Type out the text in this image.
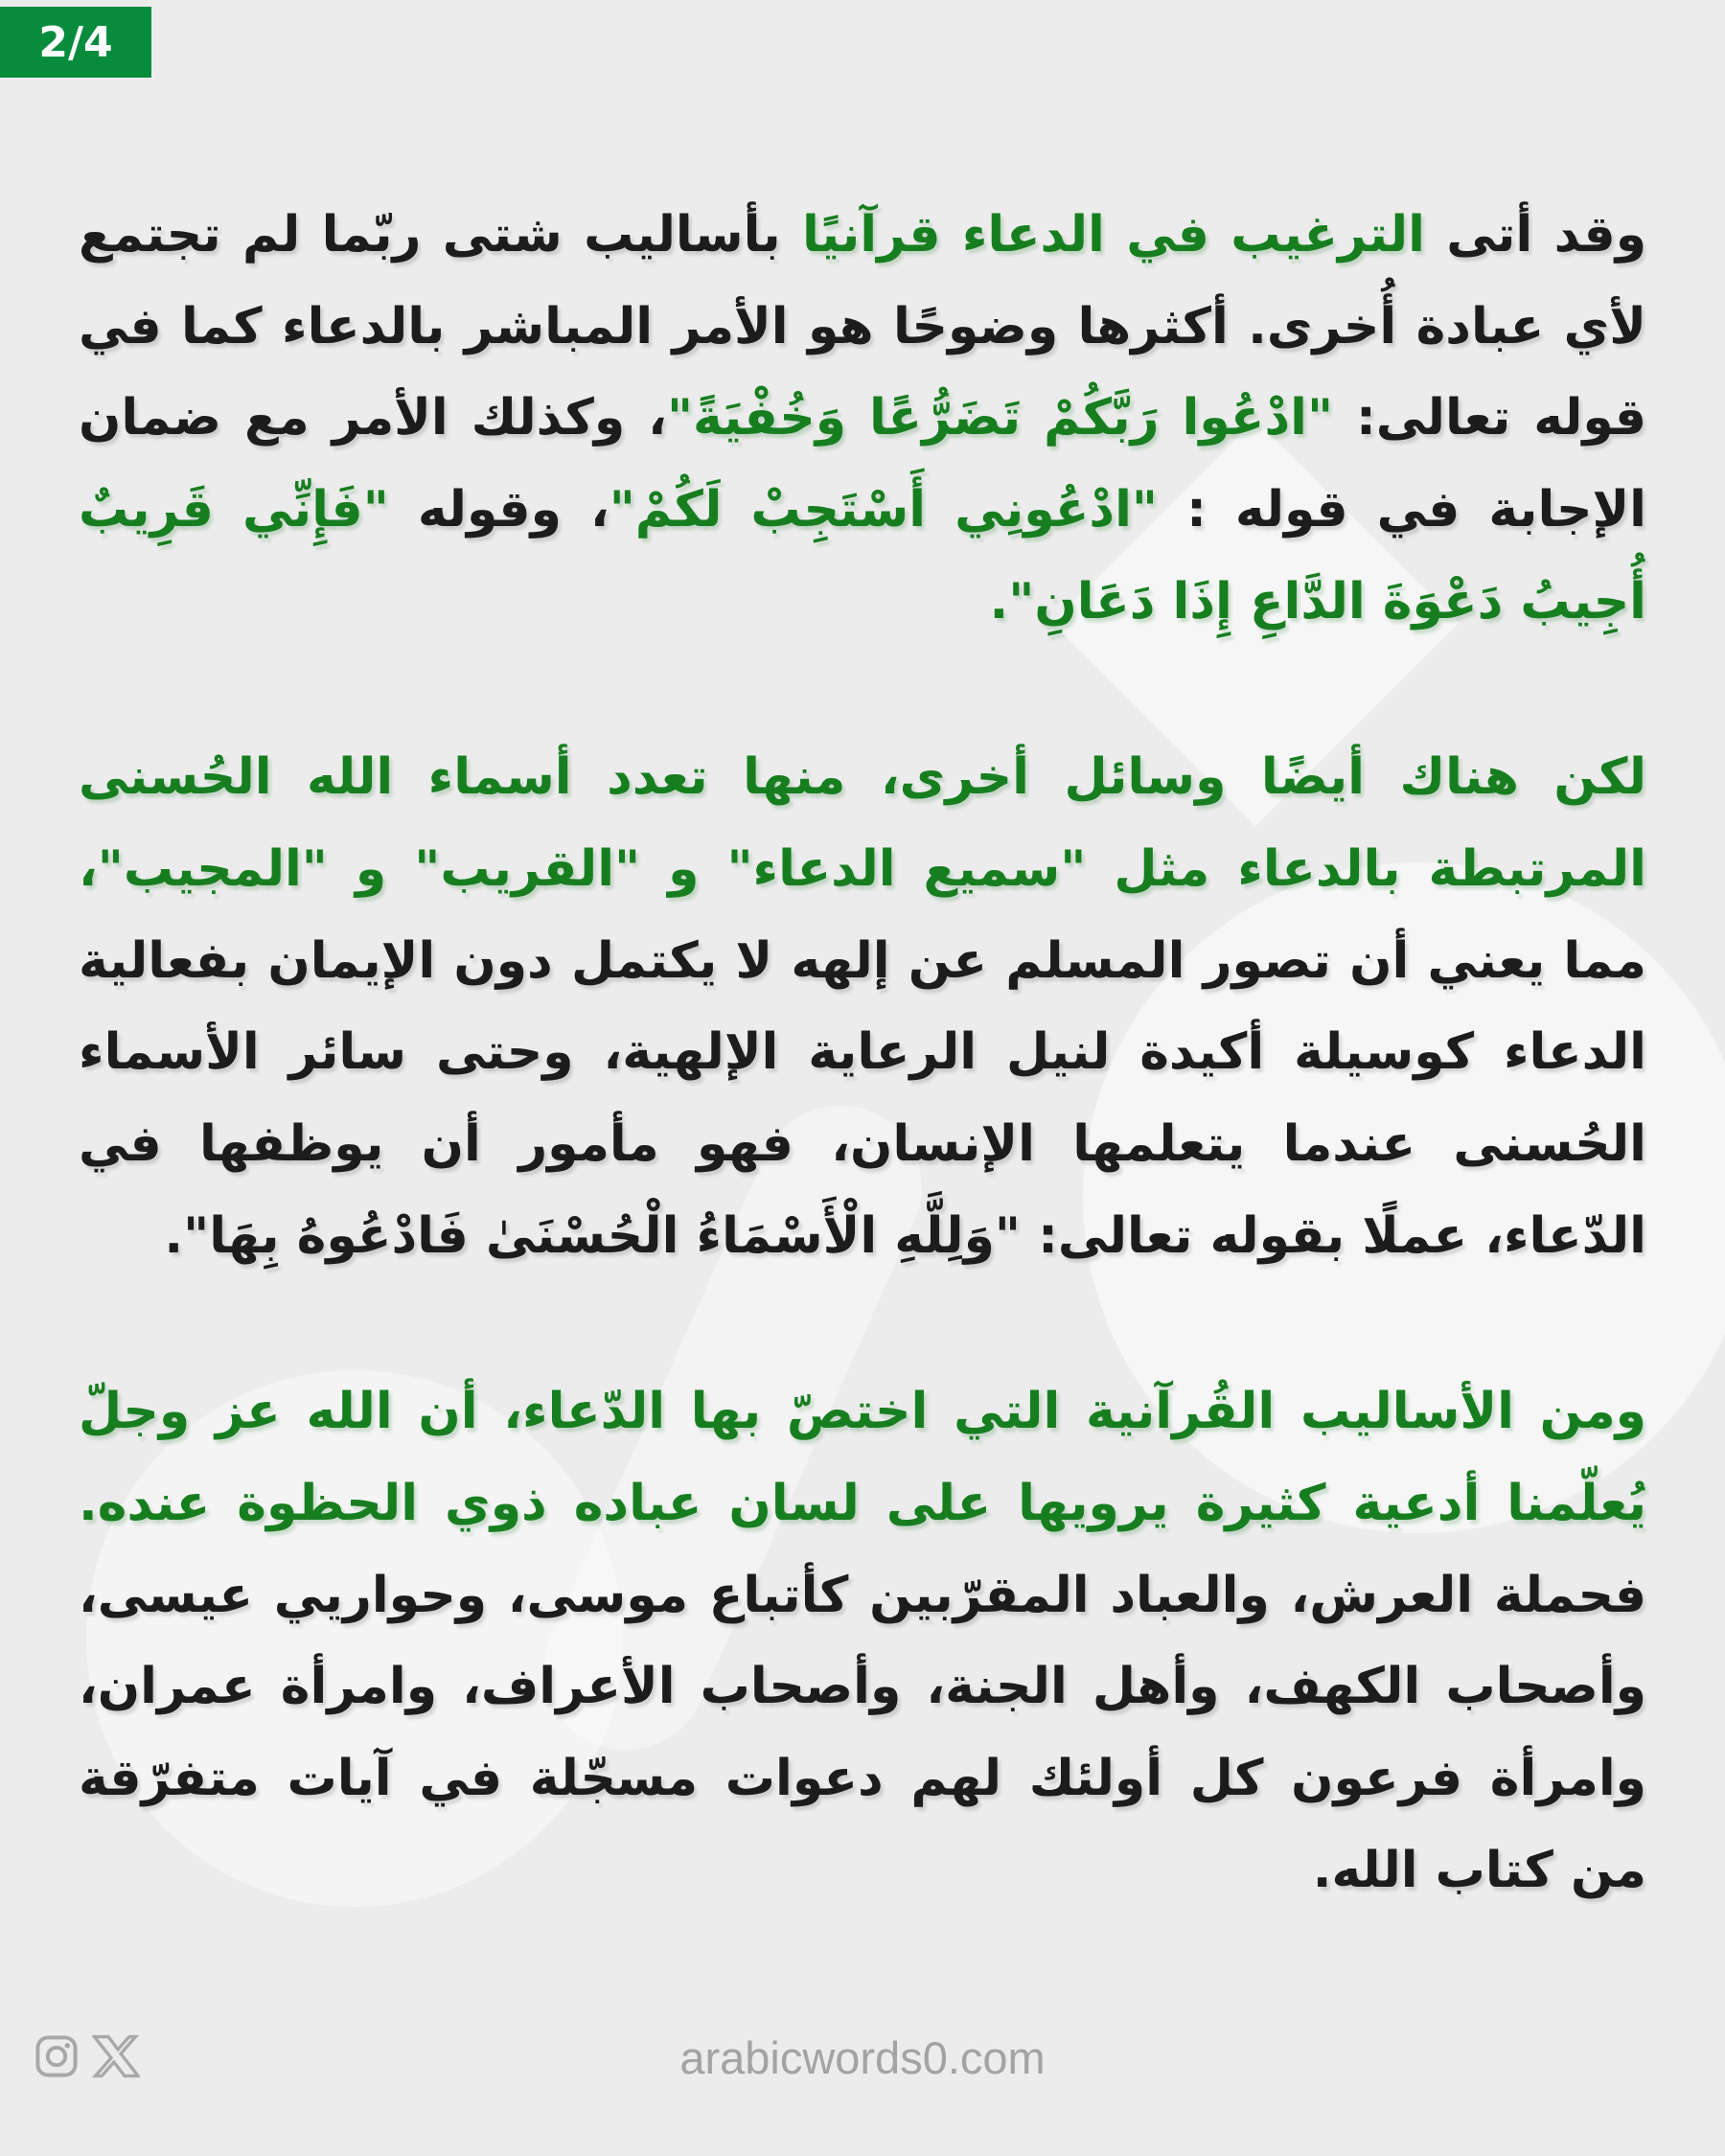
2/4

وقد أتى الترغيب في الدعاء قرآنيًا بأساليب شتى ربّما لم تجتمع لأي عبادة أُخرى. أكثرها وضوحًا هو الأمر المباشر بالدعاء كما في قوله تعالى: "ادْعُوا رَبَّكُمْ تَضَرُّعًا وَخُفْيَةً"، وكذلك الأمر مع ضمان الإجابة في قوله : "ادْعُونِي أَسْتَجِبْ لَكُمْ"، وقوله "فَإِنِّي قَرِيبٌ أُجِيبُ دَعْوَةَ الدَّاعِ إِذَا دَعَانِ".

لكن هناك أيضًا وسائل أخرى، منها تعدد أسماء الله الحُسنى المرتبطة بالدعاء مثل "سميع الدعاء" و "القريب" و "المجيب"، مما يعني أن تصور المسلم عن إلهه لا يكتمل دون الإيمان بفعالية الدعاء كوسيلة أكيدة لنيل الرعاية الإلهية، وحتى سائر الأسماء الحُسنى عندما يتعلمها الإنسان، فهو مأمور أن يوظفها في الدّعاء، عملًا بقوله تعالى: "وَلِلَّهِ الْأَسْمَاءُ الْحُسْنَىٰ فَادْعُوهُ بِهَا".

ومن الأساليب القُرآنية التي اختصّ بها الدّعاء، أن الله عز وجلّ يُعلّمنا أدعية كثيرة يرويها على لسان عباده ذوي الحظوة عنده. فحملة العرش، والعباد المقرّبين كأتباع موسى، وحواريي عيسى، وأصحاب الكهف، وأهل الجنة، وأصحاب الأعراف، وامرأة عمران، وامرأة فرعون كل أولئك لهم دعوات مسجّلة في آيات متفرّقة من كتاب الله.

arabicwords0.com
